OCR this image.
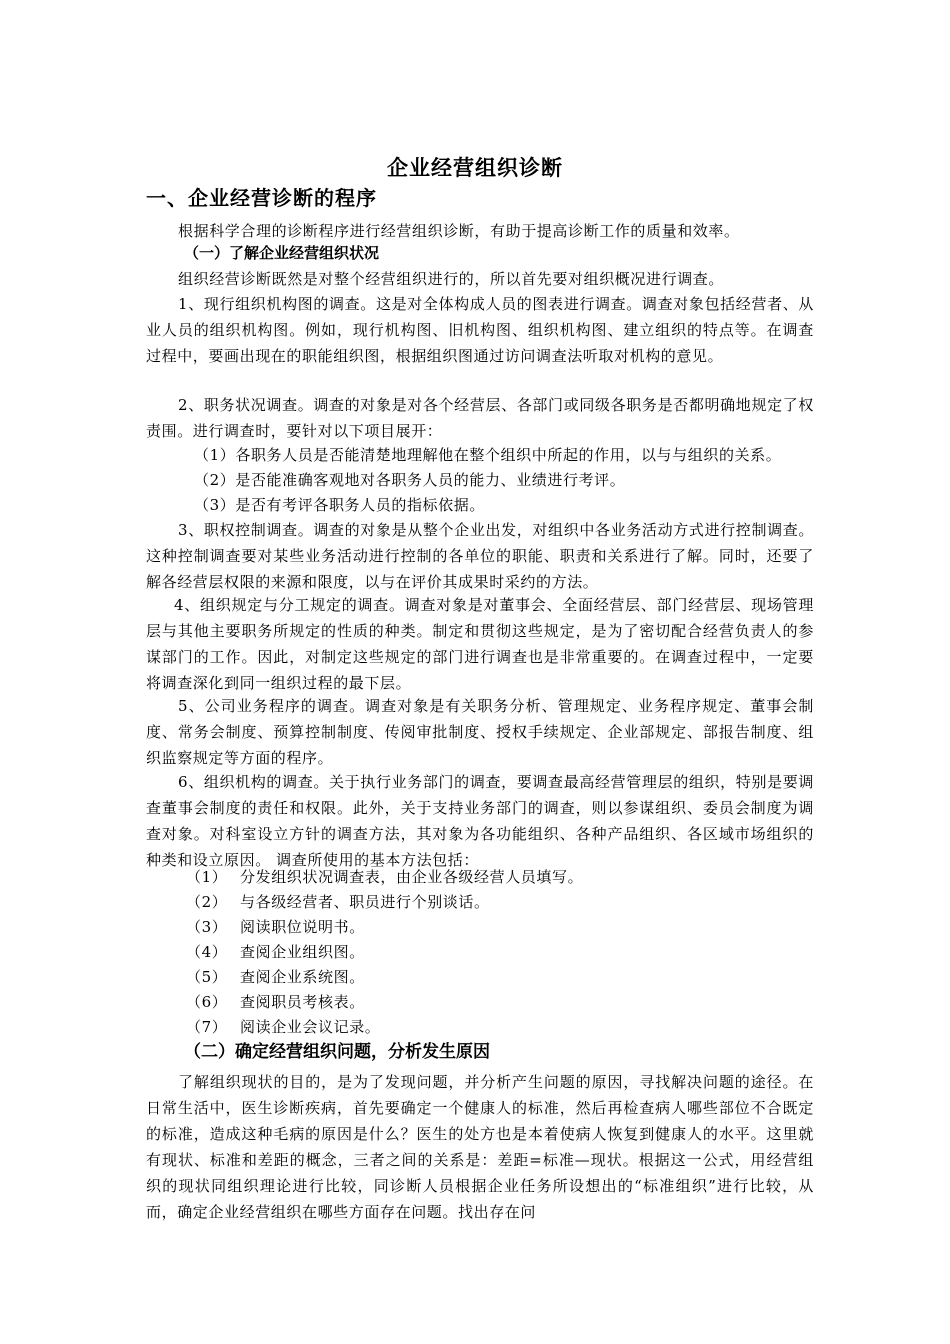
企业经营组织诊断
一、企业经营诊断的程序
根据科学合理的诊断程序进行经营组织诊断，有助于提高诊断工作的质量和效率。
（一）了解企业经营组织状况
组织经营诊断既然是对整个经营组织进行的，所以首先要对组织概况进行调查。
1、现行组织机构图的调查。这是对全体构成人员的图表进行调查。调查对象包括经营者、从业人员的组织机构图。例如，现行机构图、旧机构图、组织机构图、建立组织的特点等。在调查过程中，要画出现在的职能组织图，根据组织图通过访问调查法听取对机构的意见。
2、职务状况调查。调查的对象是对各个经营层、各部门或同级各职务是否都明确地规定了权责围。进行调查时，要针对以下项目展开：
（1）各职务人员是否能清楚地理解他在整个组织中所起的作用，以与与组织的关系。
（2）是否能准确客观地对各职务人员的能力、业绩进行考评。
（3）是否有考评各职务人员的指标依据。
3、职权控制调查。调查的对象是从整个企业出发，对组织中各业务活动方式进行控制调查。这种控制调查要对某些业务活动进行控制的各单位的职能、职责和关系进行了解。同时，还要了解各经营层权限的来源和限度，以与在评价其成果时采约的方法。
4、组织规定与分工规定的调查。调查对象是对董事会、全面经营层、部门经营层、现场管理层与其他主要职务所规定的性质的种类。制定和贯彻这些规定，是为了密切配合经营负责人的参谋部门的工作。因此，对制定这些规定的部门进行调查也是非常重要的。在调查过程中，一定要将调查深化到同一组织过程的最下层。
5、公司业务程序的调查。调查对象是有关职务分析、管理规定、业务程序规定、董事会制度、常务会制度、预算控制制度、传阅审批制度、授权手续规定、企业部规定、部报告制度、组织监察规定等方面的程序。
6、组织机构的调查。关于执行业务部门的调查，要调查最高经营管理层的组织，特别是要调查董事会制度的责任和权限。此外，关于支持业务部门的调查，则以参谋组织、委员会制度为调查对象。对科室设立方针的调查方法，其对象为各功能组织、各种产品组织、各区域市场组织的种类和设立原因。 调查所使用的基本方法包括：
（1） 分发组织状况调查表，由企业各级经营人员填写。
（2） 与各级经营者、职员进行个别谈话。
（3） 阅读职位说明书。
（4） 查阅企业组织图。
（5） 查阅企业系统图。
（6） 查阅职员考核表。
（7） 阅读企业会议记录。
（二）确定经营组织问题，分析发生原因
了解组织现状的目的，是为了发现问题，并分析产生问题的原因，寻找解决问题的途径。在日常生活中，医生诊断疾病，首先要确定一个健康人的标准，然后再检查病人哪些部位不合既定的标准，造成这种毛病的原因是什么？医生的处方也是本着使病人恢复到健康人的水平。这里就有现状、标准和差距的概念，三者之间的关系是：差距=标准—现状。根据这一公式，用经营组织的现状同组织理论进行比较，同诊断人员根据企业任务所设想出的“标准组织”进行比较，从而，确定企业经营组织在哪些方面存在问题。找出存在问
